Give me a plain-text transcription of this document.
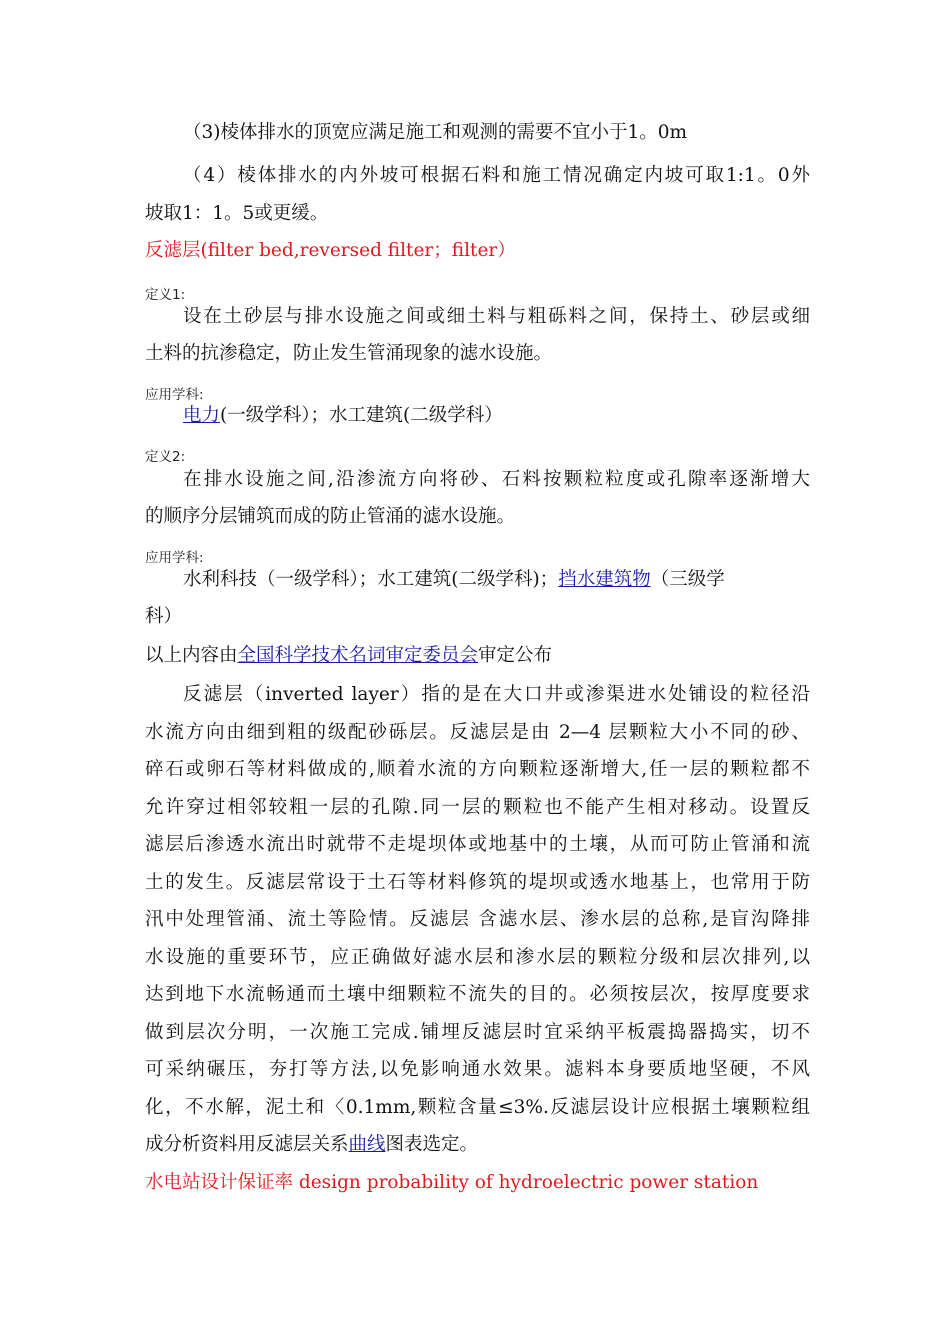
（3)棱体排水的顶宽应满足施工和观测的需要不宜小于1。0m
（4）棱体排水的内外坡可根据石料和施工情况确定内坡可取1:1。0外
坡取1：1。5或更缓。
反滤层(filter bed,reversed filter；filter）
定义1:
设在土砂层与排水设施之间或细土料与粗砾料之间，保持土、砂层或细
土料的抗渗稳定，防止发生管涌现象的滤水设施。
应用学科:
电力(一级学科）；水工建筑(二级学科）
定义2:
在排水设施之间,沿渗流方向将砂、石料按颗粒粒度或孔隙率逐渐增大
的顺序分层铺筑而成的防止管涌的滤水设施。
应用学科:
水利科技（一级学科）；水工建筑(二级学科)；挡水建筑物（三级学
科）
以上内容由全国科学技术名词审定委员会审定公布
反滤层（inverted layer）指的是在大口井或渗渠进水处铺设的粒径沿
水流方向由细到粗的级配砂砾层。反滤层是由 2—4 层颗粒大小不同的砂、
碎石或卵石等材料做成的,顺着水流的方向颗粒逐渐增大,任一层的颗粒都不
允许穿过相邻较粗一层的孔隙.同一层的颗粒也不能产生相对移动。设置反
滤层后渗透水流出时就带不走堤坝体或地基中的土壤，从而可防止管涌和流
土的发生。反滤层常设于土石等材料修筑的堤坝或透水地基上，也常用于防
汛中处理管涌、流土等险情。反滤层 含滤水层、渗水层的总称,是盲沟降排
水设施的重要环节，应正确做好滤水层和渗水层的颗粒分级和层次排列,以
达到地下水流畅通而土壤中细颗粒不流失的目的。必须按层次，按厚度要求
做到层次分明，一次施工完成.铺埋反滤层时宜采纳平板震捣器捣实，切不
可采纳碾压，夯打等方法,以免影响通水效果。滤料本身要质地坚硬，不风
化，不水解，泥土和〈0.1mm,颗粒含量≤3%.反滤层设计应根据土壤颗粒组
成分析资料用反滤层关系曲线图表选定。
水电站设计保证率 design probability of hydroelectric power station
